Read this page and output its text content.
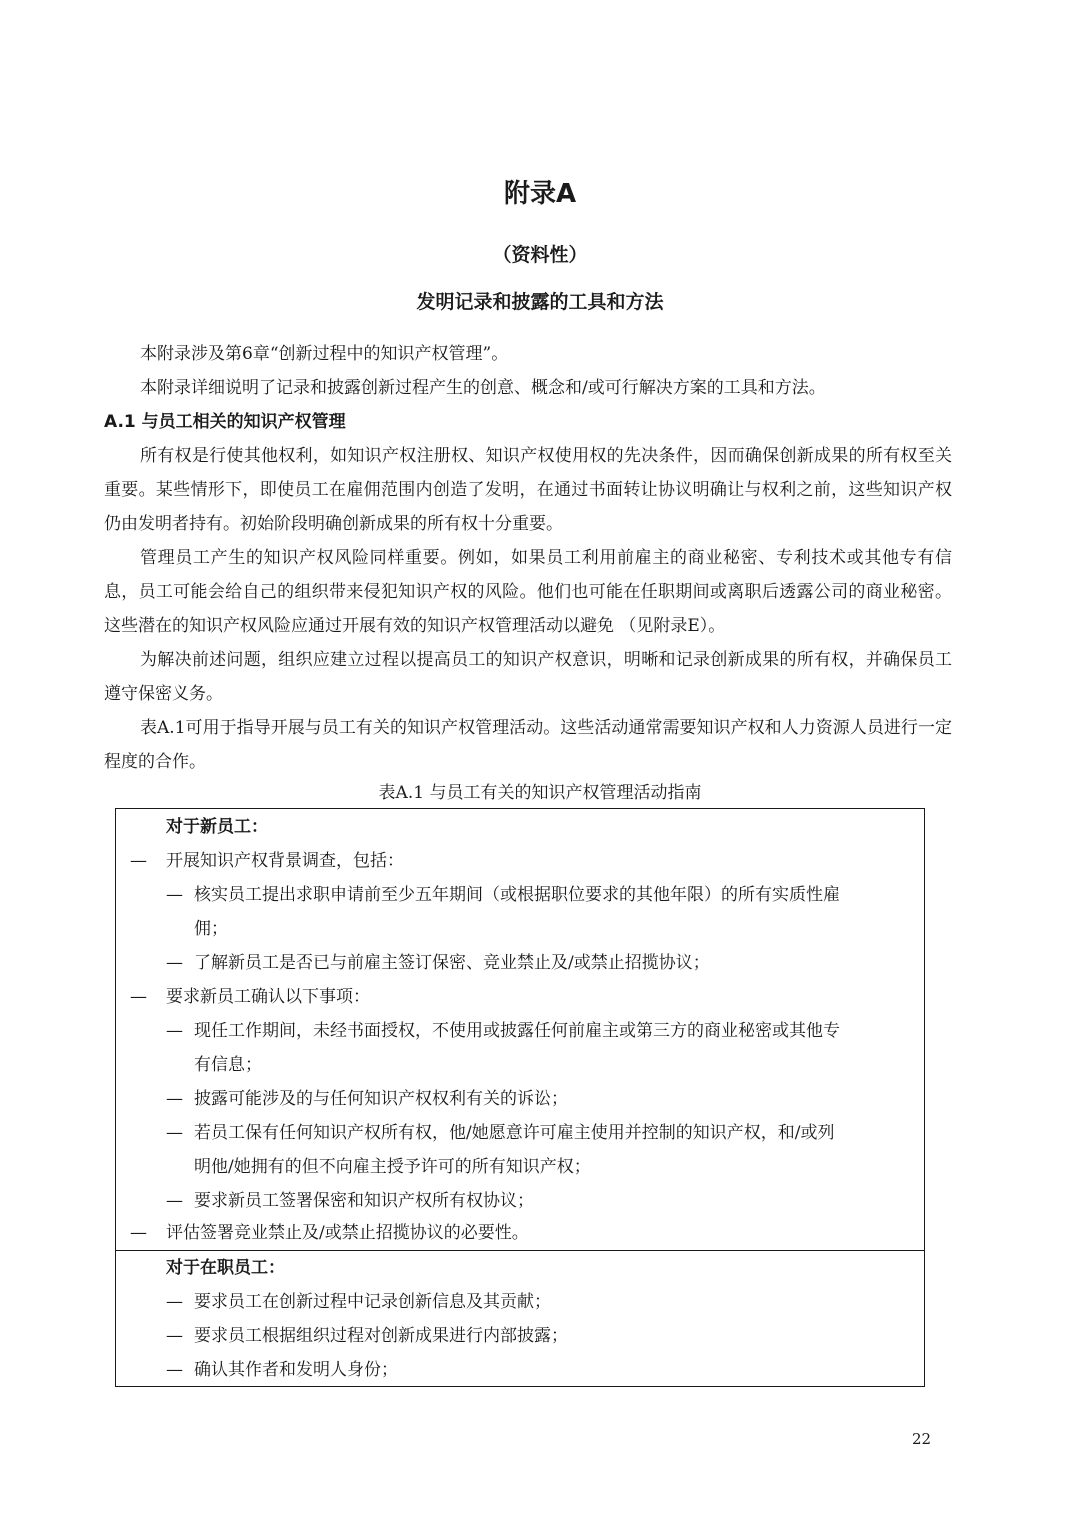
附录A
（资料性）
发明记录和披露的工具和方法

本附录涉及第6章“创新过程中的知识产权管理”。

本附录详细说明了记录和披露创新过程产生的创意、概念和/或可行解决方案的工具和方法。

A.1 与员工相关的知识产权管理

所有权是行使其他权利，如知识产权注册权、知识产权使用权的先决条件，因而确保创新成果的所有权至关重要。某些情形下，即使员工在雇佣范围内创造了发明，在通过书面转让协议明确让与权利之前，这些知识产权仍由发明者持有。初始阶段明确创新成果的所有权十分重要。

管理员工产生的知识产权风险同样重要。例如，如果员工利用前雇主的商业秘密、专利技术或其他专有信息，员工可能会给自己的组织带来侵犯知识产权的风险。他们也可能在任职期间或离职后透露公司的商业秘密。这些潜在的知识产权风险应通过开展有效的知识产权管理活动以避免 （见附录E）。

为解决前述问题，组织应建立过程以提高员工的知识产权意识，明晰和记录创新成果的所有权，并确保员工遵守保密义务。

表A.1可用于指导开展与员工有关的知识产权管理活动。这些活动通常需要知识产权和人力资源人员进行一定程度的合作。

表A.1 与员工有关的知识产权管理活动指南
对于新员工：
— 开展知识产权背景调查，包括：
— 核实员工提出求职申请前至少五年期间（或根据职位要求的其他年限）的所有实质性雇
佣；
— 了解新员工是否已与前雇主签订保密、竞业禁止及/或禁止招揽协议；
— 要求新员工确认以下事项：
— 现任工作期间，未经书面授权，不使用或披露任何前雇主或第三方的商业秘密或其他专
有信息；
— 披露可能涉及的与任何知识产权权利有关的诉讼；
— 若员工保有任何知识产权所有权，他/她愿意许可雇主使用并控制的知识产权，和/或列
明他/她拥有的但不向雇主授予许可的所有知识产权；
— 要求新员工签署保密和知识产权所有权协议；
— 评估签署竞业禁止及/或禁止招揽协议的必要性。
对于在职员工：
— 要求员工在创新过程中记录创新信息及其贡献；
— 要求员工根据组织过程对创新成果进行内部披露；
— 确认其作者和发明人身份；
22
